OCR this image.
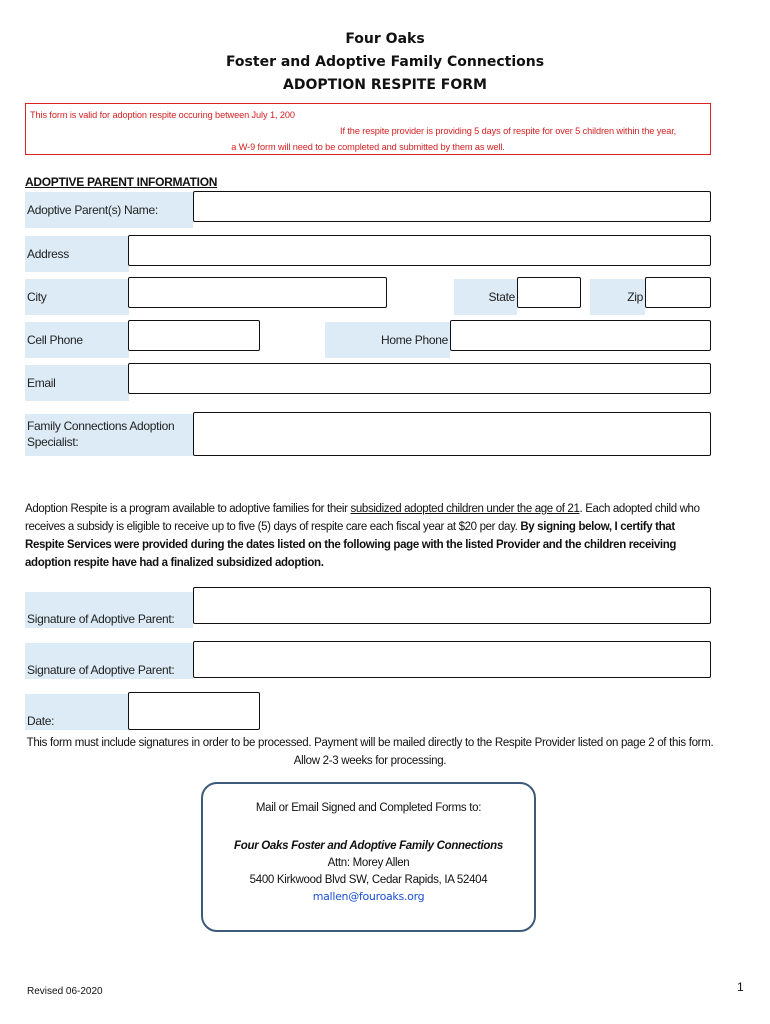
Four Oaks
Foster and Adoptive Family Connections
ADOPTION RESPITE FORM
This form is valid for adoption respite occuring between July 1, 200
If the respite provider is providing 5 days of respite for over 5 children within the year,
a W-9 form will need to be completed and submitted by them as well.
ADOPTIVE PARENT INFORMATION
Adoptive Parent(s) Name:
Address
City	State	Zip
Cell Phone	Home Phone
Email
Family Connections Adoption Specialist:
Adoption Respite is a program available to adoptive families for their subsidized adopted children under the age of 21. Each adopted child who receives a subsidy is eligible to receive up to five (5) days of respite care each fiscal year at $20 per day. By signing below, I certify that Respite Services were provided during the dates listed on the following page with the listed Provider and the children receiving adoption respite have had a finalized subsidized adoption.
Signature of Adoptive Parent:
Signature of Adoptive Parent:
Date:
This form must include signatures in order to be processed. Payment will be mailed directly to the Respite Provider listed on page 2 of this form. Allow 2-3 weeks for processing.
Mail or Email Signed and Completed Forms to:
Four Oaks Foster and Adoptive Family Connections
Attn: Morey Allen
5400 Kirkwood Blvd SW, Cedar Rapids, IA 52404
mallen@fouroaks.org
Revised 06-2020	1
